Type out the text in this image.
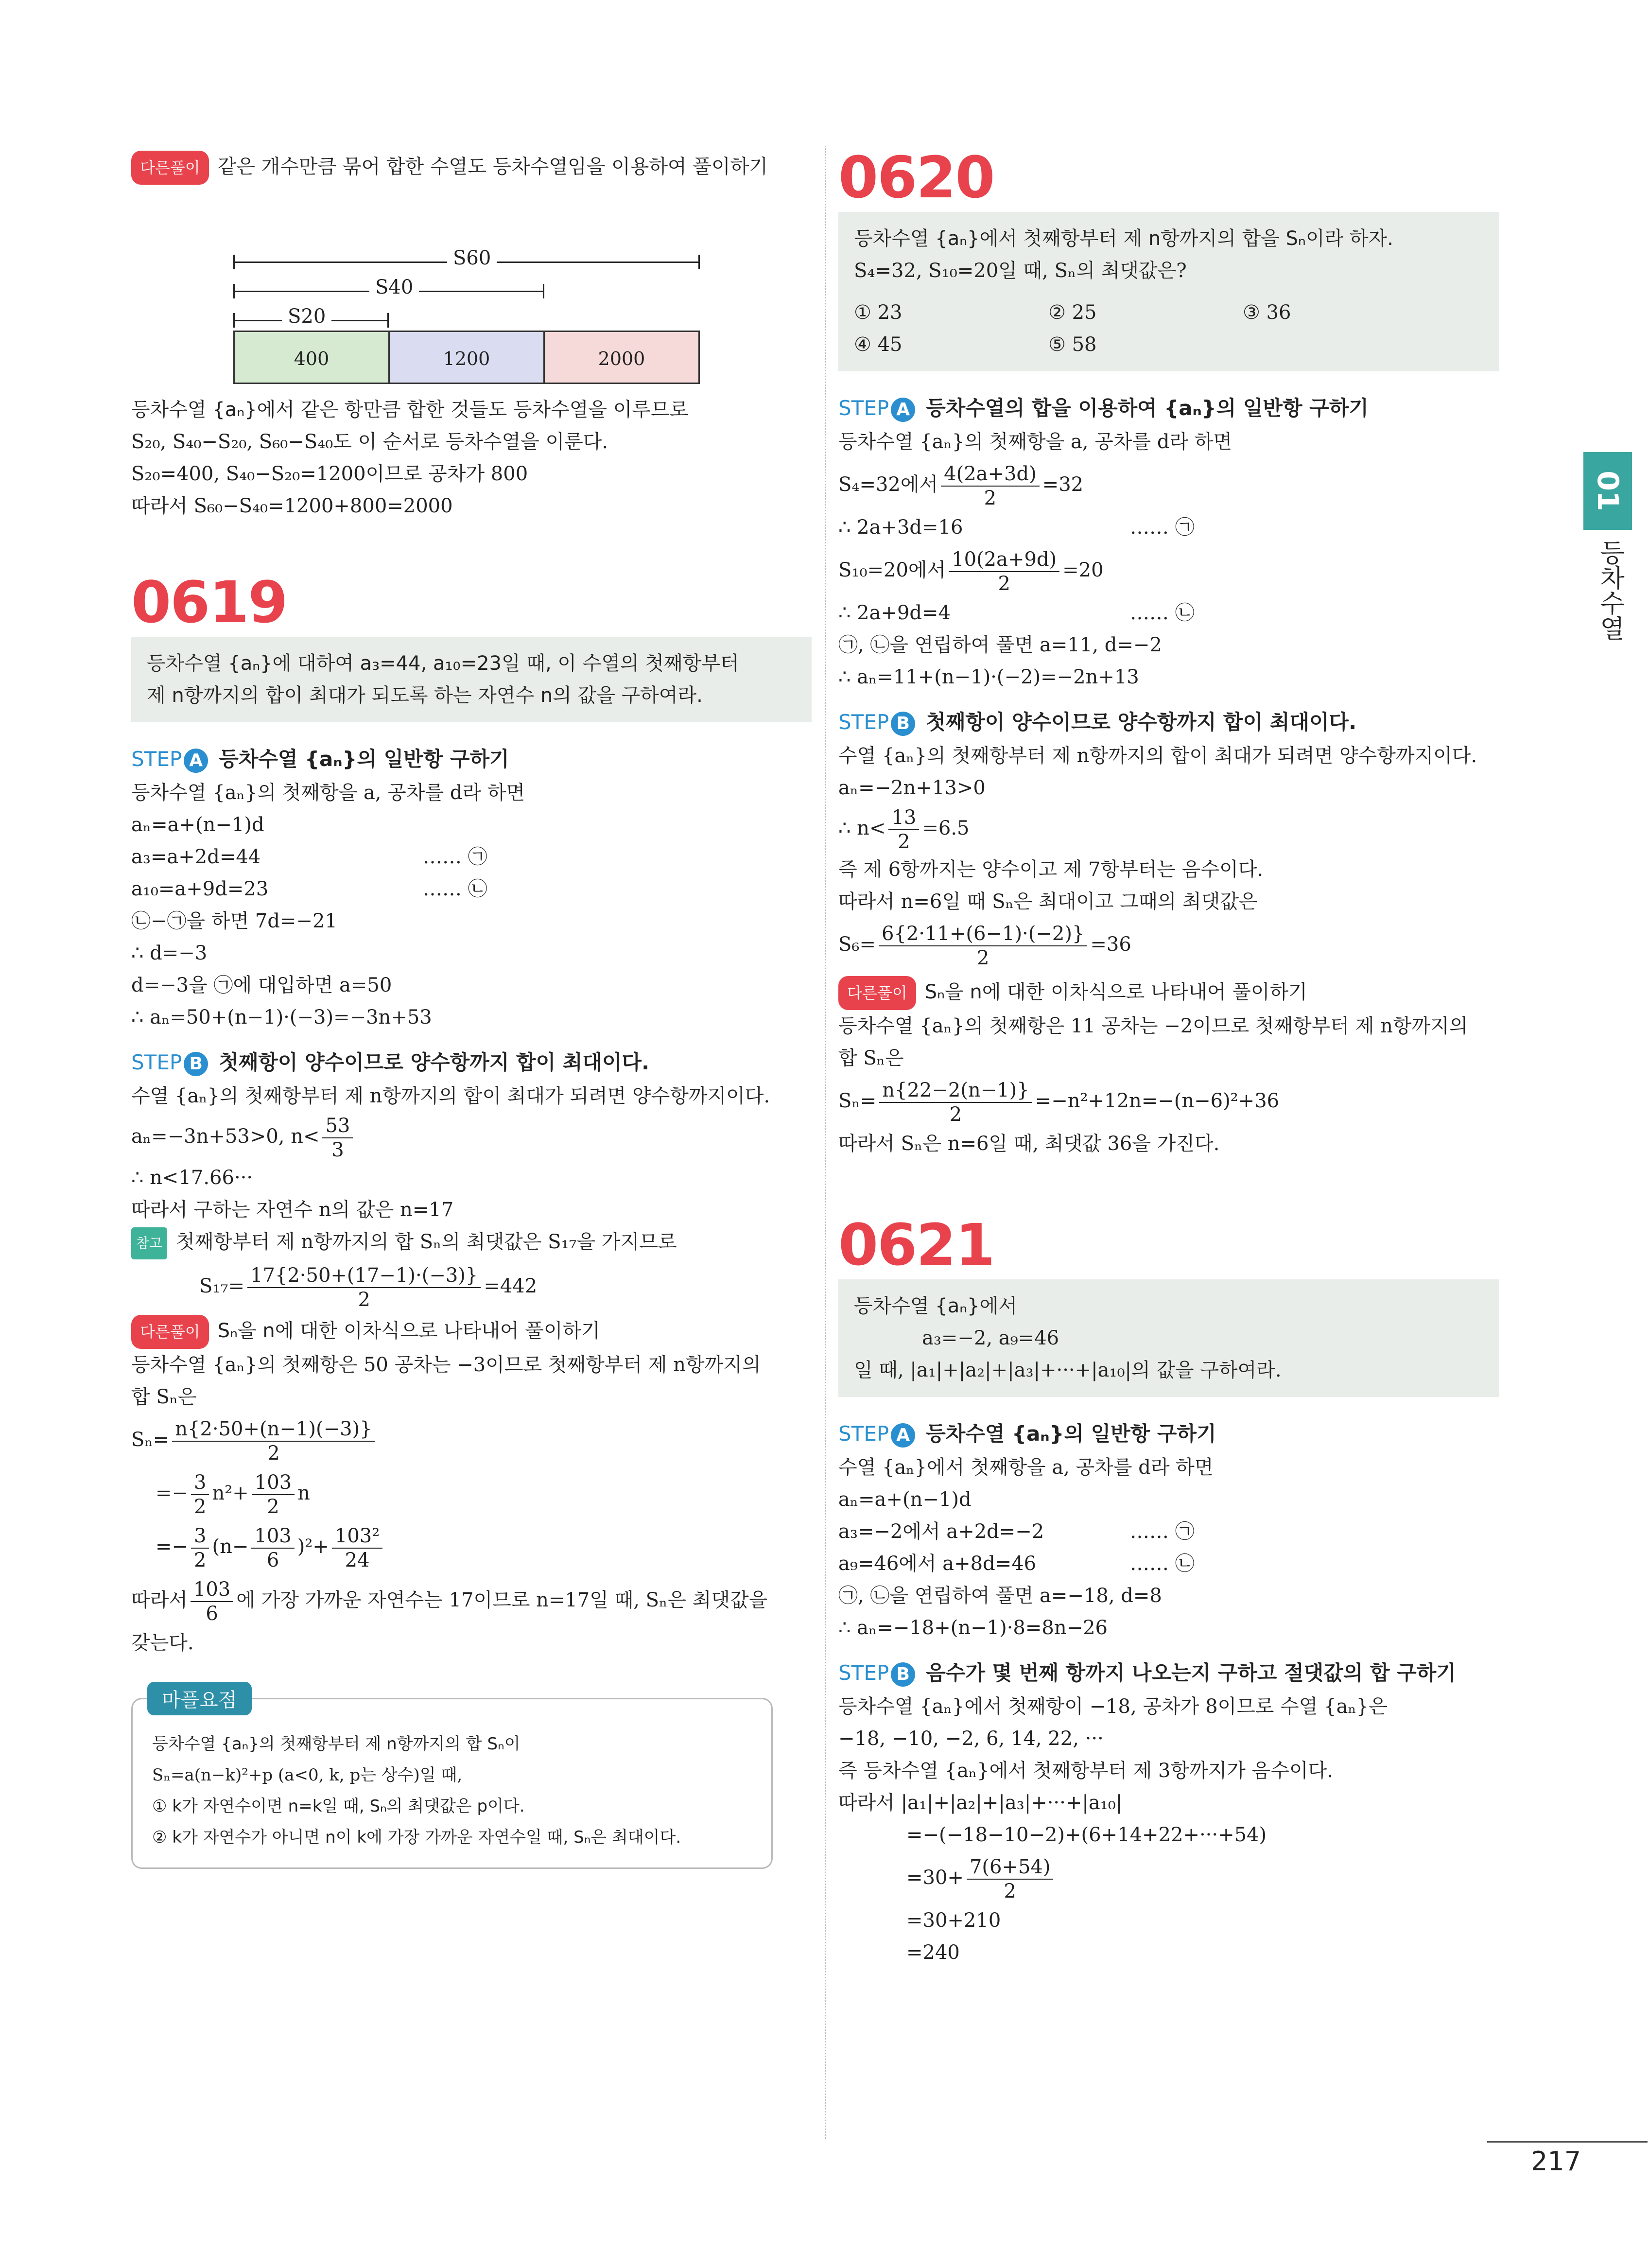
다른풀이 같은 개수만큼 묶어 합한 수열도 등차수열임을 이용하여 풀이하기
S60
S40
S20
400	1200	2000
등차수열 {aₙ}에서 같은 항만큼 합한 것들도 등차수열을 이루므로
S₂₀, S₄₀−S₂₀, S₆₀−S₄₀도 이 순서로 등차수열을 이룬다.
S₂₀=400, S₄₀−S₂₀=1200이므로 공차가 800
따라서 S₆₀−S₄₀=1200+800=2000
0619
등차수열 {aₙ}에 대하여 a₃=44, a₁₀=23일 때, 이 수열의 첫째항부터
제 n항까지의 합이 최대가 되도록 하는 자연수 n의 값을 구하여라.
STEP A 등차수열 {aₙ}의 일반항 구하기
등차수열 {aₙ}의 첫째항을 a, 공차를 d라 하면
aₙ=a+(n−1)d
a₃=a+2d=44	…… ㉠
a₁₀=a+9d=23	…… ㉡
㉡−㉠을 하면 7d=−21
∴ d=−3
d=−3을 ㉠에 대입하면 a=50
∴ aₙ=50+(n−1)·(−3)=−3n+53
STEP B 첫째항이 양수이므로 양수항까지 합이 최대이다.
수열 {aₙ}의 첫째항부터 제 n항까지의 합이 최대가 되려면 양수항까지이다.
aₙ=−3n+53>0, $n< \frac{53}{3}$
∴ n<17.66···
따라서 구하는 자연수 n의 값은 n=17
참고 첫째항부터 제 n항까지의 합 Sₙ의 최댓값은 S₁₇을 가지므로
$S_{17}= \frac{17\{2\cdot 50+(17-1)\cdot(-3)\}}{2} =442$
다른풀이 Sₙ을 n에 대한 이차식으로 나타내어 풀이하기
등차수열 {aₙ}의 첫째항은 50 공차는 −3이므로 첫째항부터 제 n항까지의
합 Sₙ은
$S_n= \frac{n\{2\cdot 50+(n-1)(-3)\}}{2}$
=− $\frac{3}{2} n^2+ \frac{103}{2}$ n
=− $\frac{3}{2} (n- \frac{103}{6} )^2+ \frac{\text{103²}}{24}$
따라서 $\frac{103}{6}$ 에 가장 가까운 자연수는 17이므로 n=17일 때, Sₙ은 최댓값을
갖는다.
마플요점
등차수열 {aₙ}의 첫째항부터 제 n항까지의 합 Sₙ이
Sₙ=a(n−k)²+p (a<0, k, p는 상수)일 때,
① k가 자연수이면 n=k일 때, Sₙ의 최댓값은 p이다.
② k가 자연수가 아니면 n이 k에 가장 가까운 자연수일 때, Sₙ은 최대이다.
0620
등차수열 {aₙ}에서 첫째항부터 제 n항까지의 합을 Sₙ이라 하자.
S₄=32, S₁₀=20일 때, Sₙ의 최댓값은?
① 23	② 25	③ 36
④ 45	⑤ 58
STEP A 등차수열의 합을 이용하여 {aₙ}의 일반항 구하기
등차수열 {aₙ}의 첫째항을 a, 공차를 d라 하면
S₄=32에서 $\frac{4(2a+3d)}{2} =32$
∴ 2a+3d=16	…… ㉠
S₁₀=20에서 $\frac{10(2a+9d)}{2} =20$
∴ 2a+9d=4	…… ㉡
㉠, ㉡을 연립하여 풀면 a=11, d=−2
∴ aₙ=11+(n−1)·(−2)=−2n+13
STEP B 첫째항이 양수이므로 양수항까지 합이 최대이다.
수열 {aₙ}의 첫째항부터 제 n항까지의 합이 최대가 되려면 양수항까지이다.
aₙ=−2n+13>0
∴ $n< \frac{13}{2} =6.5$
즉 제 6항까지는 양수이고 제 7항부터는 음수이다.
따라서 n=6일 때 Sₙ은 최대이고 그때의 최댓값은
$S_6= \frac{6\{2\cdot 11+(6-1)\cdot(-2)\}}{2} =36$
다른풀이 Sₙ을 n에 대한 이차식으로 나타내어 풀이하기
등차수열 {aₙ}의 첫째항은 11 공차는 −2이므로 첫째항부터 제 n항까지의
합 Sₙ은
$S_n= \frac{n\{22-2(n-1)\}}{2} =-n^2+12n=-(n-6)^2+36$
따라서 Sₙ은 n=6일 때, 최댓값 36을 가진다.
0621
등차수열 {aₙ}에서
a₃=−2, a₉=46
일 때, |a₁|+|a₂|+|a₃|+···+|a₁₀|의 값을 구하여라.
STEP A 등차수열 {aₙ}의 일반항 구하기
수열 {aₙ}에서 첫째항을 a, 공차를 d라 하면
aₙ=a+(n−1)d
a₃=−2에서 a+2d=−2	…… ㉠
a₉=46에서 a+8d=46	…… ㉡
㉠, ㉡을 연립하여 풀면 a=−18, d=8
∴ aₙ=−18+(n−1)·8=8n−26
STEP B 음수가 몇 번째 항까지 나오는지 구하고 절댓값의 합 구하기
등차수열 {aₙ}에서 첫째항이 −18, 공차가 8이므로 수열 {aₙ}은
−18, −10, −2, 6, 14, 22, ···
즉 등차수열 {aₙ}에서 첫째항부터 제 3항까지가 음수이다.
따라서 |a₁|+|a₂|+|a₃|+···+|a₁₀|
=−(−18−10−2)+(6+14+22+···+54)
$=30+ \frac{7(6+54)}{2}$
=30+210
=240
01
등차수열
217
